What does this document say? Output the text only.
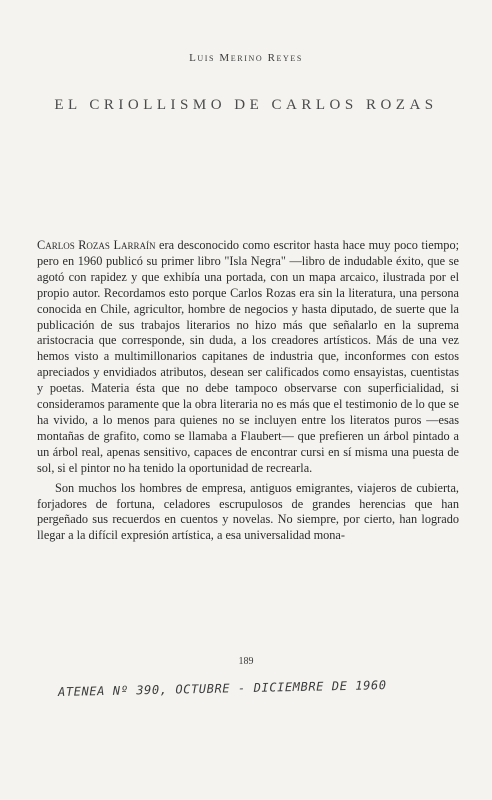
Luis Merino Reyes
EL CRIOLLISMO DE CARLOS ROZAS

Carlos Rozas Larraín era desconocido como escritor hasta hace muy poco tiempo; pero en 1960 publicó su primer libro "Isla Negra" —libro de indudable éxito, que se agotó con rapidez y que exhibía una portada, con un mapa arcaico, ilustrada por el propio autor. Recordamos esto porque Carlos Rozas era sin la literatura, una persona conocida en Chile, agricultor, hombre de negocios y hasta diputado, de suerte que la publicación de sus trabajos literarios no hizo más que señalarlo en la suprema aristocracia que corresponde, sin duda, a los creadores artísticos. Más de una vez hemos visto a multimillonarios capitanes de industria que, inconformes con estos apreciados y envidiados atributos, desean ser calificados como ensayistas, cuentistas y poetas. Materia ésta que no debe tampoco observarse con superficialidad, si consideramos paramente que la obra literaria no es más que el testimonio de lo que se ha vivido, a lo menos para quienes no se incluyen entre los literatos puros —esas montañas de grafito, como se llamaba a Flaubert— que prefieren un árbol pintado a un árbol real, apenas sensitivo, capaces de encontrar cursi en sí misma una puesta de sol, si el pintor no ha tenido la oportunidad de recrearla.

Son muchos los hombres de empresa, antiguos emigrantes, viajeros de cubierta, forjadores de fortuna, celadores escrupulosos de grandes herencias que han pergeñado sus recuerdos en cuentos y novelas. No siempre, por cierto, han logrado llegar a la difícil expresión artística, a esa universalidad mona-

189
ATENEA Nº 390, OCTUBRE - DICIEMBRE DE 1960
